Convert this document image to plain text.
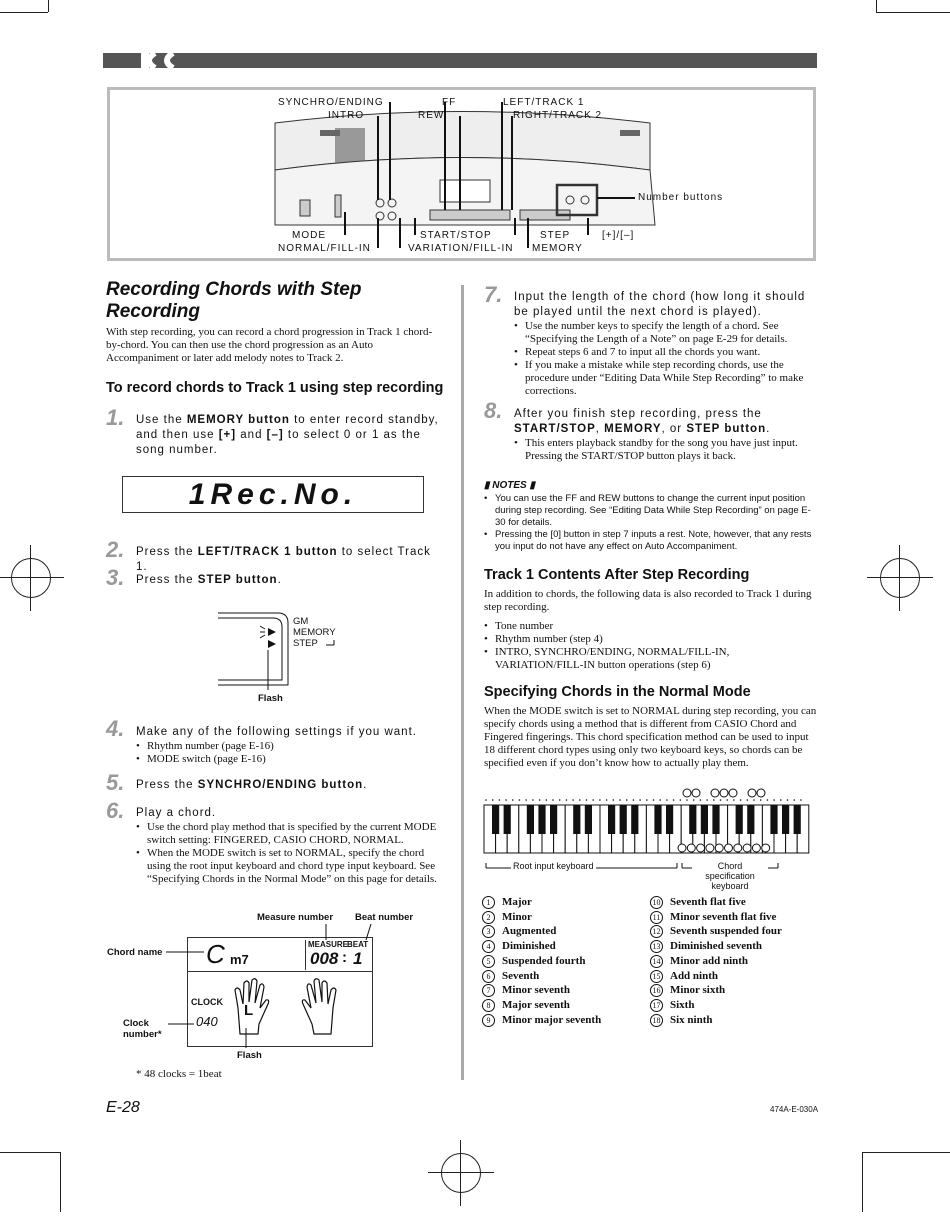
SYNCHRO/ENDING
INTRO
FF
REW
LEFT/TRACK 1
RIGHT/TRACK 2
Number buttons
MODE
NORMAL/FILL-IN
START/STOP
VARIATION/FILL-IN
STEP
MEMORY
[+]/[–]
Recording Chords with Step Recording
With step recording, you can record a chord progression in Track 1 chord-by-chord. You can then use the chord progression as an Auto Accompaniment or later add melody notes to Track 2.
To record chords to Track 1 using step recording
1. Use the MEMORY button to enter record standby, and then use [+] and [–] to select 0 or 1 as the song number.
1Rec.No.
2. Press the LEFT/TRACK 1 button to select Track 1.
3. Press the STEP button.
GM
MEMORY
STEP
Flash
4. Make any of the following settings if you want.
• Rhythm number (page E-16)
• MODE switch (page E-16)
5. Press the SYNCHRO/ENDING button.
6. Play a chord.
• Use the chord play method that is specified by the current MODE switch setting: FINGERED, CASIO CHORD, NORMAL.
• When the MODE switch is set to NORMAL, specify the chord using the root input keyboard and chord type input keyboard. See “Specifying Chords in the Normal Mode” on this page for details.
Measure number Beat number
Chord name C m7
MEASURE
BEAT
008 : 1
CLOCK
040
L
Clock number*
Flash
* 48 clocks = 1beat
7. Input the length of the chord (how long it should be played until the next chord is played).
• Use the number keys to specify the length of a chord. See “Specifying the Length of a Note” on page E-29 for details.
• Repeat steps 6 and 7 to input all the chords you want.
• If you make a mistake while step recording chords, use the procedure under “Editing Data While Step Recording” to make corrections.
8. After you finish step recording, press the START/STOP, MEMORY, or STEP button.
• This enters playback standby for the song you have just input. Pressing the START/STOP button plays it back.
▮ NOTES ▮
• You can use the FF and REW buttons to change the current input position during step recording. See “Editing Data While Step Recording” on page E-30 for details.
• Pressing the [0] button in step 7 inputs a rest. Note, however, that any rests you input do not have any effect on Auto Accompaniment.
Track 1 Contents After Step Recording
In addition to chords, the following data is also recorded to Track 1 during step recording.
• Tone number
• Rhythm number (step 4)
• INTRO, SYNCHRO/ENDING, NORMAL/FILL-IN, VARIATION/FILL-IN button operations (step 6)
Specifying Chords in the Normal Mode
When the MODE switch is set to NORMAL during step recording, you can specify chords using a method that is different from CASIO Chord and Fingered fingerings. This chord specification method can be used to input 18 different chord types using only two keyboard keys, so chords can be specified even if you don’t know how to actually play them.
Root input keyboard	Chord specification keyboard
1 Major
2 Minor
3 Augmented
4 Diminished
5 Suspended fourth
6 Seventh
7 Minor seventh
8 Major seventh
9 Minor major seventh
10 Seventh flat five
11 Minor seventh flat five
12 Seventh suspended four
13 Diminished seventh
14 Minor add ninth
15 Add ninth
16 Minor sixth
17 Sixth
18 Six ninth
E-28	474A-E-030A
